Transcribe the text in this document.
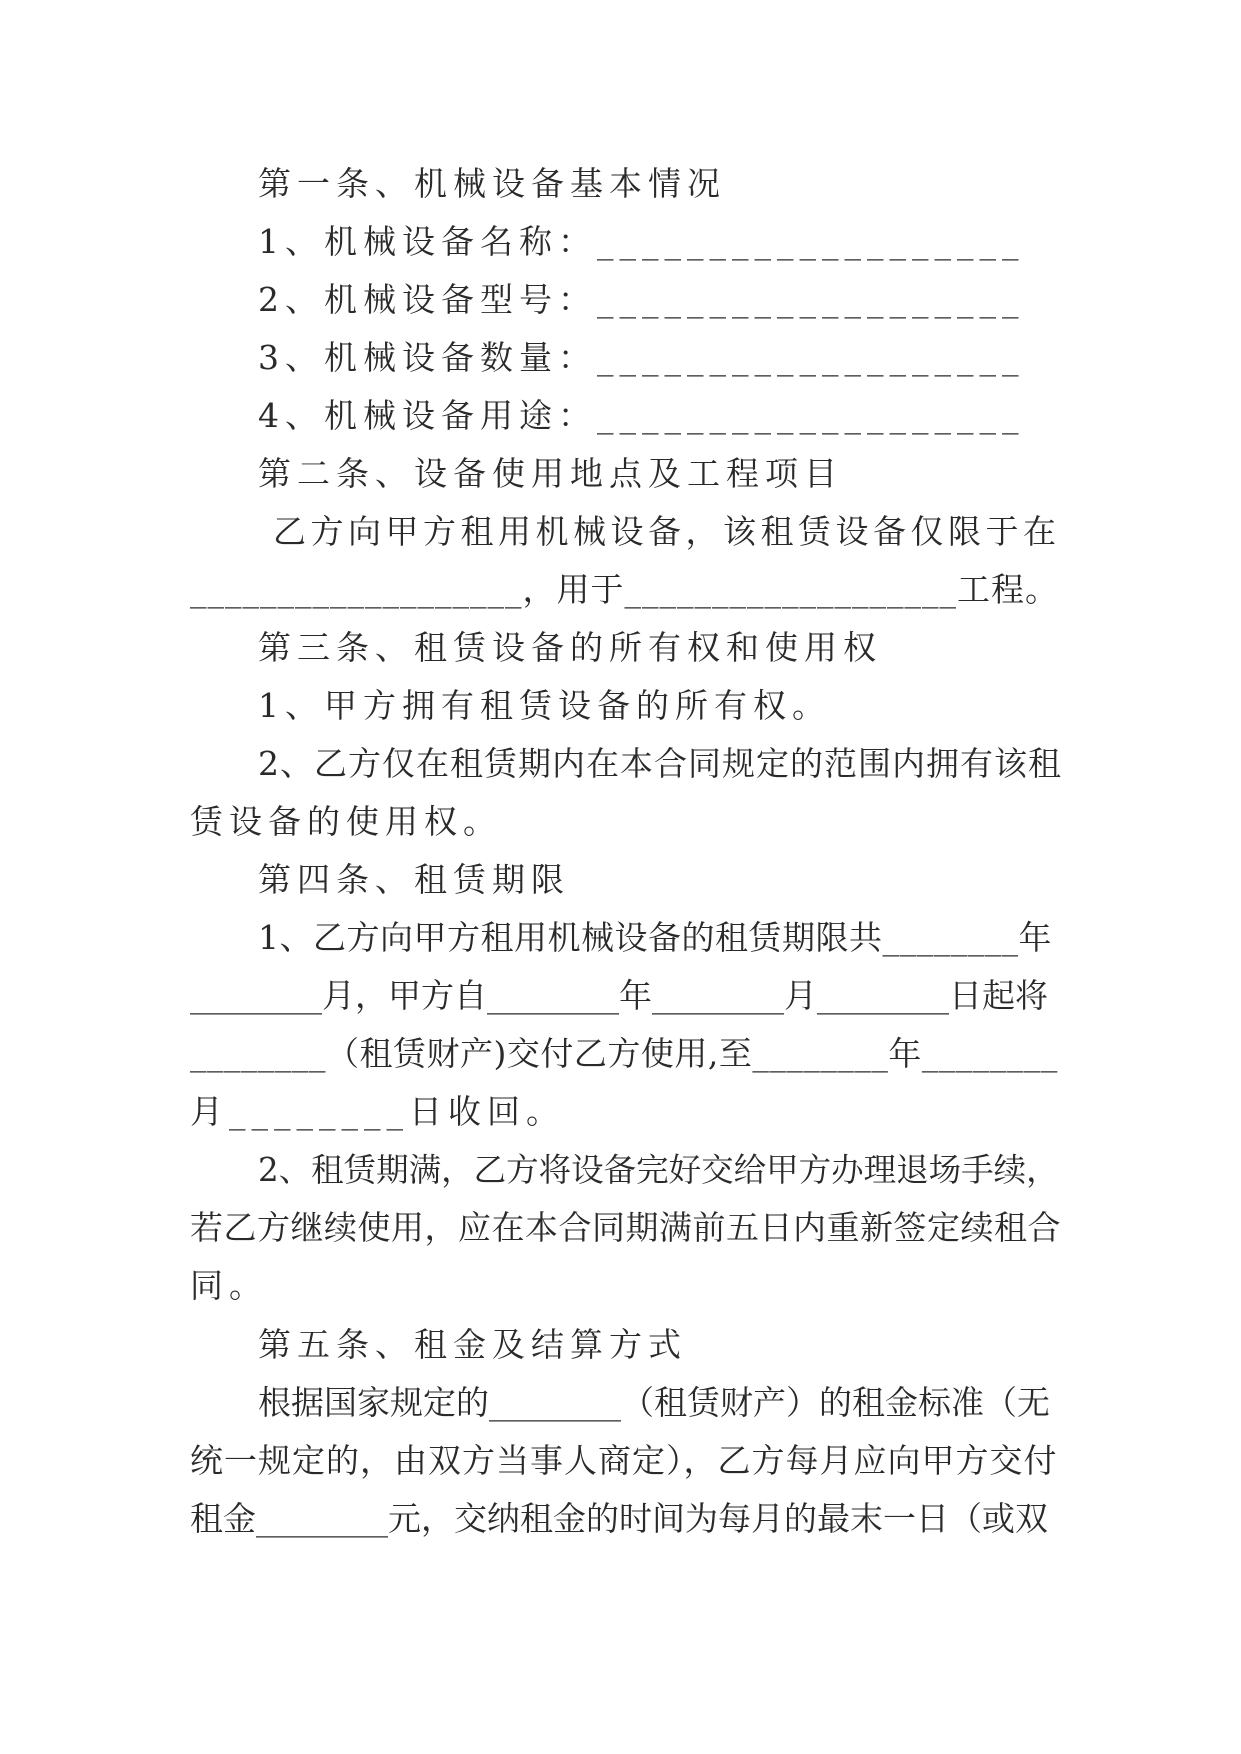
第一条、机械设备基本情况
1、机械设备名称：___________________
2、机械设备型号：___________________
3、机械设备数量：___________________
4、机械设备用途：___________________
第二条、设备使用地点及工程项目
乙方向甲方租用机械设备，该租赁设备仅限于在
___________________，用于___________________工程。
第三条、租赁设备的所有权和使用权
1、甲方拥有租赁设备的所有权。
2、乙方仅在租赁期内在本合同规定的范围内拥有该租
赁设备的使用权。
第四条、租赁期限
1、乙方向甲方租用机械设备的租赁期限共________年
________月，甲方自________年________月________日起将
________（租赁财产)交付乙方使用,至________年________
月________日收回。
2、租赁期满，乙方将设备完好交给甲方办理退场手续，
若乙方继续使用，应在本合同期满前五日内重新签定续租合
同。
第五条、租金及结算方式
根据国家规定的________（租赁财产）的租金标准（无
统一规定的，由双方当事人商定），乙方每月应向甲方交付
租金________元，交纳租金的时间为每月的最末一日（或双
